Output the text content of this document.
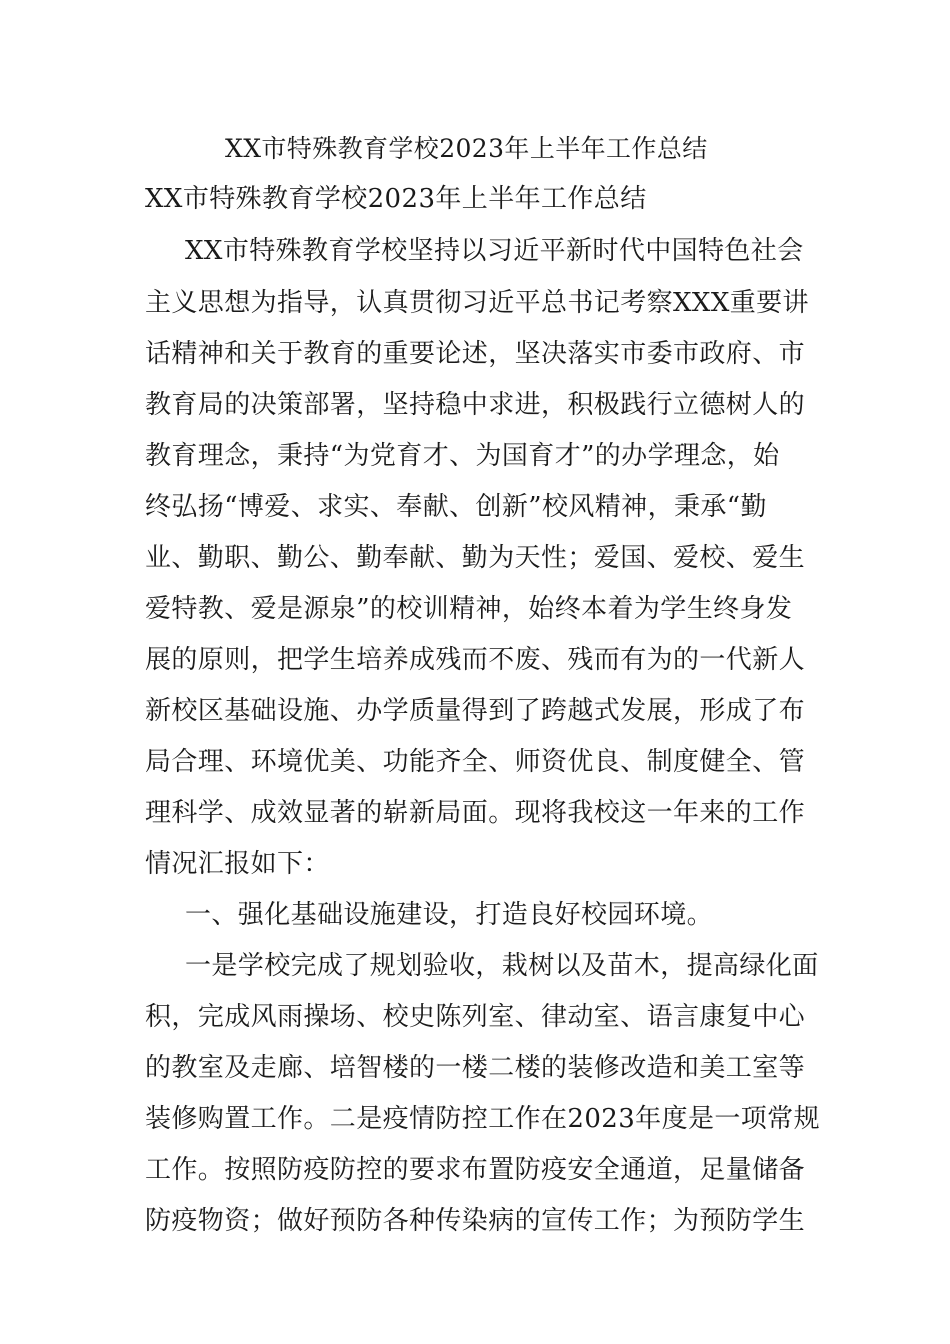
XX市特殊教育学校2023年上半年工作总结
XX市特殊教育学校2023年上半年工作总结
XX市特殊教育学校坚持以习近平新时代中国特色社会
主义思想为指导，认真贯彻习近平总书记考察XXX重要讲
话精神和关于教育的重要论述，坚决落实市委市政府、市
教育局的决策部署，坚持稳中求进，积极践行立德树人的
教育理念，秉持“为党育才、为国育才”的办学理念，始
终弘扬“博爱、求实、奉献、创新”校风精神，秉承“勤
业、勤职、勤公、勤奉献、勤为天性；爱国、爱校、爱生
爱特教、爱是源泉”的校训精神，始终本着为学生终身发
展的原则，把学生培养成残而不废、残而有为的一代新人
新校区基础设施、办学质量得到了跨越式发展，形成了布
局合理、环境优美、功能齐全、师资优良、制度健全、管
理科学、成效显著的崭新局面。现将我校这一年来的工作
情况汇报如下：
一、强化基础设施建设，打造良好校园环境。
一是学校完成了规划验收，栽树以及苗木，提高绿化面
积，完成风雨操场、校史陈列室、律动室、语言康复中心
的教室及走廊、培智楼的一楼二楼的装修改造和美工室等
装修购置工作。二是疫情防控工作在2023年度是一项常规
工作。按照防疫防控的要求布置防疫安全通道，足量储备
防疫物资；做好预防各种传染病的宣传工作；为预防学生
